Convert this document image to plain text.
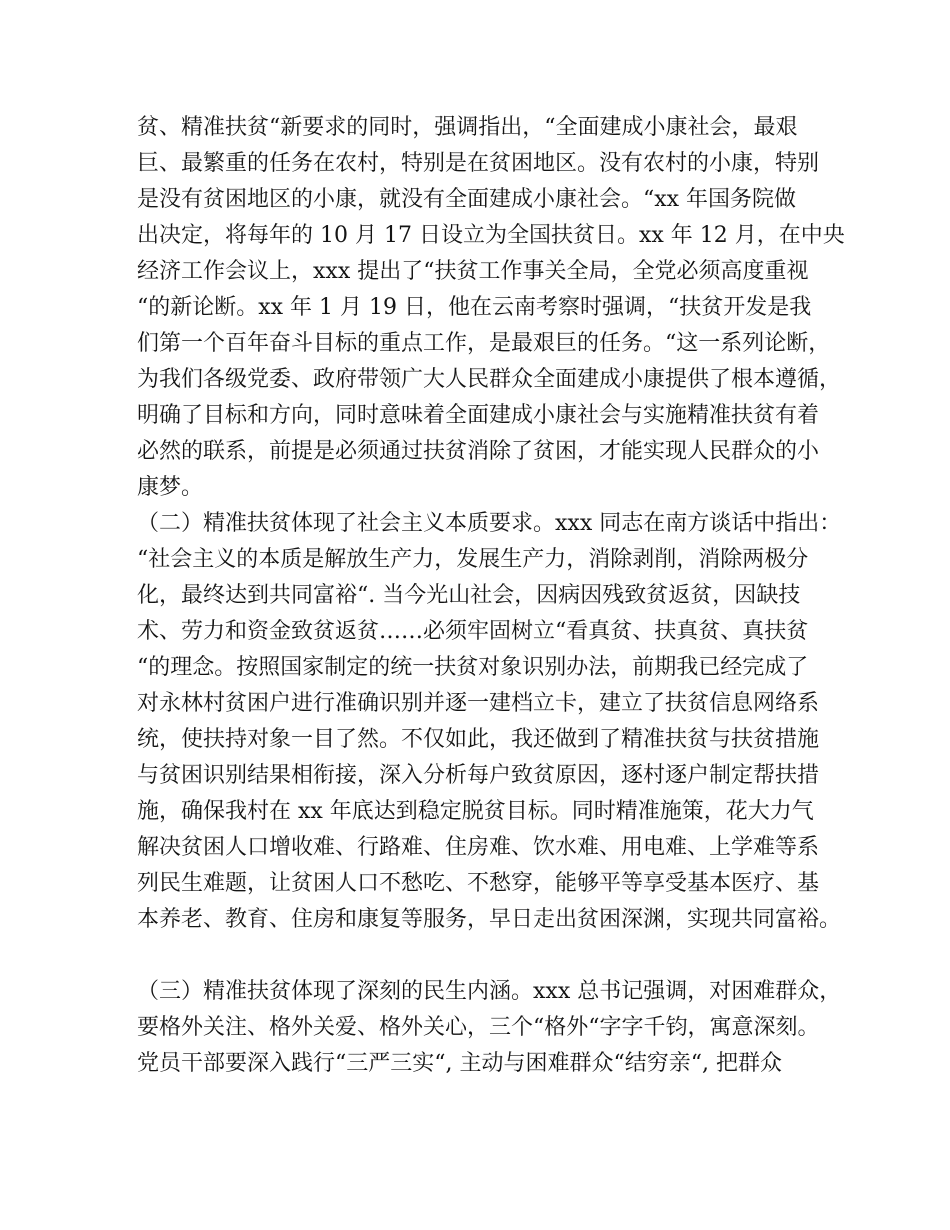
贫、精准扶贫“新要求的同时，强调指出，“全面建成小康社会，最艰
巨、最繁重的任务在农村，特别是在贫困地区。没有农村的小康，特别
是没有贫困地区的小康，就没有全面建成小康社会。“xx 年国务院做
出决定，将每年的 10 月 17 日设立为全国扶贫日。xx 年 12 月，在中央
经济工作会议上，xxx 提出了“扶贫工作事关全局，全党必须高度重视
“的新论断。xx 年 1 月 19 日，他在云南考察时强调，“扶贫开发是我
们第一个百年奋斗目标的重点工作，是最艰巨的任务。“这一系列论断，
为我们各级党委、政府带领广大人民群众全面建成小康提供了根本遵循，
明确了目标和方向，同时意味着全面建成小康社会与实施精准扶贫有着
必然的联系，前提是必须通过扶贫消除了贫困，才能实现人民群众的小
康梦。
（二）精准扶贫体现了社会主义本质要求。xxx 同志在南方谈话中指出：
“社会主义的本质是解放生产力，发展生产力，消除剥削，消除两极分
化，最终达到共同富裕“. 当今光山社会，因病因残致贫返贫，因缺技
术、劳力和资金致贫返贫……必须牢固树立“看真贫、扶真贫、真扶贫
“的理念。按照国家制定的统一扶贫对象识别办法，前期我已经完成了
对永林村贫困户进行准确识别并逐一建档立卡，建立了扶贫信息网络系
统，使扶持对象一目了然。不仅如此，我还做到了精准扶贫与扶贫措施
与贫困识别结果相衔接，深入分析每户致贫原因，逐村逐户制定帮扶措
施，确保我村在 xx 年底达到稳定脱贫目标。同时精准施策，花大力气
解决贫困人口增收难、行路难、住房难、饮水难、用电难、上学难等系
列民生难题，让贫困人口不愁吃、不愁穿，能够平等享受基本医疗、基
本养老、教育、住房和康复等服务，早日走出贫困深渊，实现共同富裕。
（三）精准扶贫体现了深刻的民生内涵。xxx 总书记强调，对困难群众，
要格外关注、格外关爱、格外关心，三个“格外“字字千钧，寓意深刻。
党员干部要深入践行“三严三实“, 主动与困难群众“结穷亲“, 把群众
